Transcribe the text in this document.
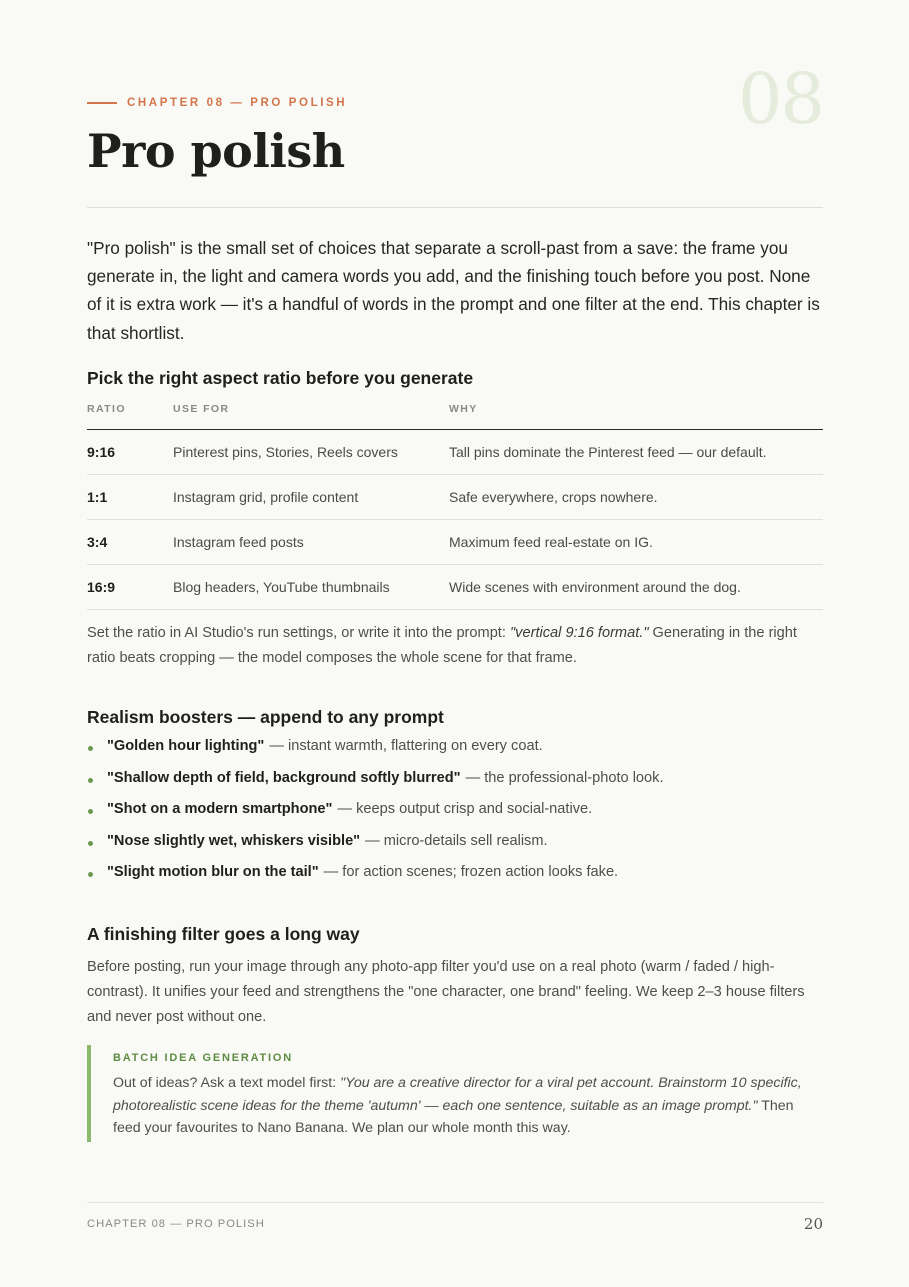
08
CHAPTER 08 — PRO POLISH
Pro polish

"Pro polish" is the small set of choices that separate a scroll-past from a save: the frame you generate in, the light and camera words you add, and the finishing touch before you post. None of it is extra work — it's a handful of words in the prompt and one filter at the end. This chapter is that shortlist.

Pick the right aspect ratio before you generate
RATIO	USE FOR	WHY
9:16	Pinterest pins, Stories, Reels covers	Tall pins dominate the Pinterest feed — our default.
1:1	Instagram grid, profile content	Safe everywhere, crops nowhere.
3:4	Instagram feed posts	Maximum feed real-estate on IG.
16:9	Blog headers, YouTube thumbnails	Wide scenes with environment around the dog.

Set the ratio in AI Studio's run settings, or write it into the prompt: "vertical 9:16 format." Generating in the right ratio beats cropping — the model composes the whole scene for that frame.

Realism boosters — append to any prompt
"Golden hour lighting" — instant warmth, flattering on every coat.
"Shallow depth of field, background softly blurred" — the professional-photo look.
"Shot on a modern smartphone" — keeps output crisp and social-native.
"Nose slightly wet, whiskers visible" — micro-details sell realism.
"Slight motion blur on the tail" — for action scenes; frozen action looks fake.
A finishing filter goes a long way

Before posting, run your image through any photo-app filter you'd use on a real photo (warm / faded / high-contrast). It unifies your feed and strengthens the "one character, one brand" feeling. We keep 2–3 house filters and never post without one.

BATCH IDEA GENERATION

Out of ideas? Ask a text model first: "You are a creative director for a viral pet account. Brainstorm 10 specific, photorealistic scene ideas for the theme 'autumn' — each one sentence, suitable as an image prompt." Then feed your favourites to Nano Banana. We plan our whole month this way.

CHAPTER 08 — PRO POLISH	20
